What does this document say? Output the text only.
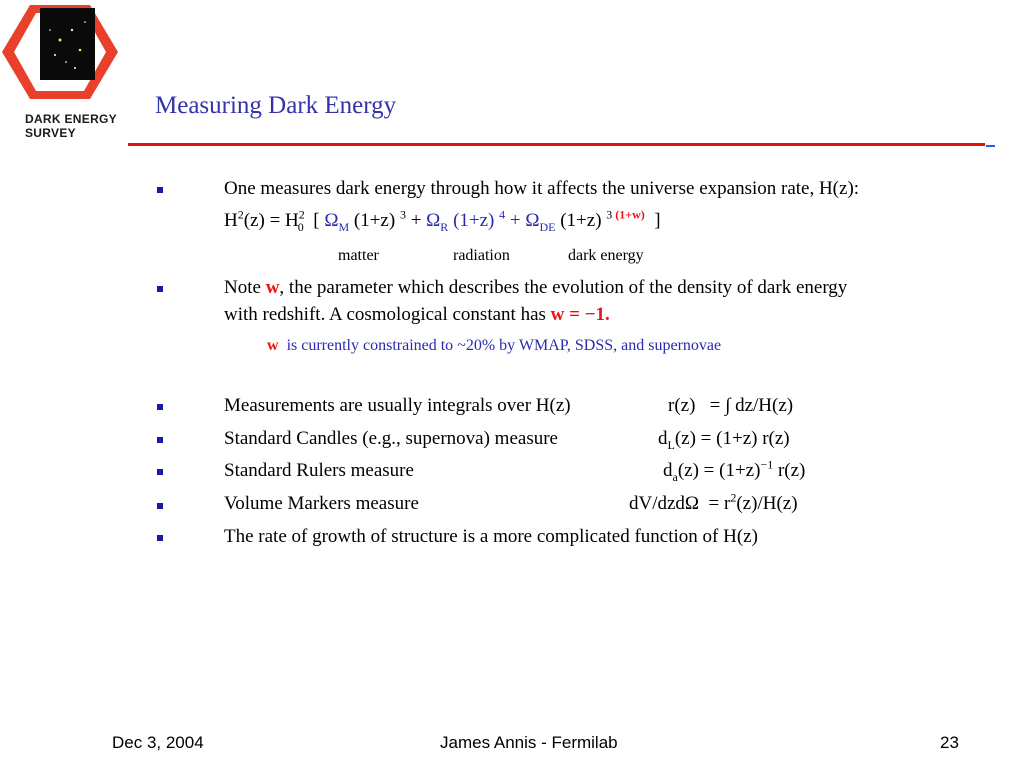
DARK ENERGY
SURVEY
Measuring Dark Energy
One measures dark energy through how it affects the universe expansion rate, H(z):
$H^2(z) = H^2_0$  [ $\Omega_M$ (1+z) $^3 + \Omega_R$ (1+z) $^4 + \Omega_{DE}$ (1+z) $^3$ $^{(1+w)}$  ]
matter	radiation	dark energy
Note w, the parameter which describes the evolution of the density of dark energy
with redshift. A cosmological constant has w = −1.
w  is currently constrained to ~20% by WMAP, SDSS, and supernovae
Measurements are usually integrals over H(z)	r(z)   = ∫ dz/H(z)
Standard Candles (e.g., supernova) measure	$d_L(z) = (1+z)$ r(z)
Standard Rulers measure	$d_a(z) = (1+z)^{-1}$ r(z)
Volume Markers measure	$dV/dzd\Omega = r^2(z)/H(z)$
The rate of growth of structure is a more complicated function of H(z)
Dec 3, 2004	James Annis - Fermilab	23
